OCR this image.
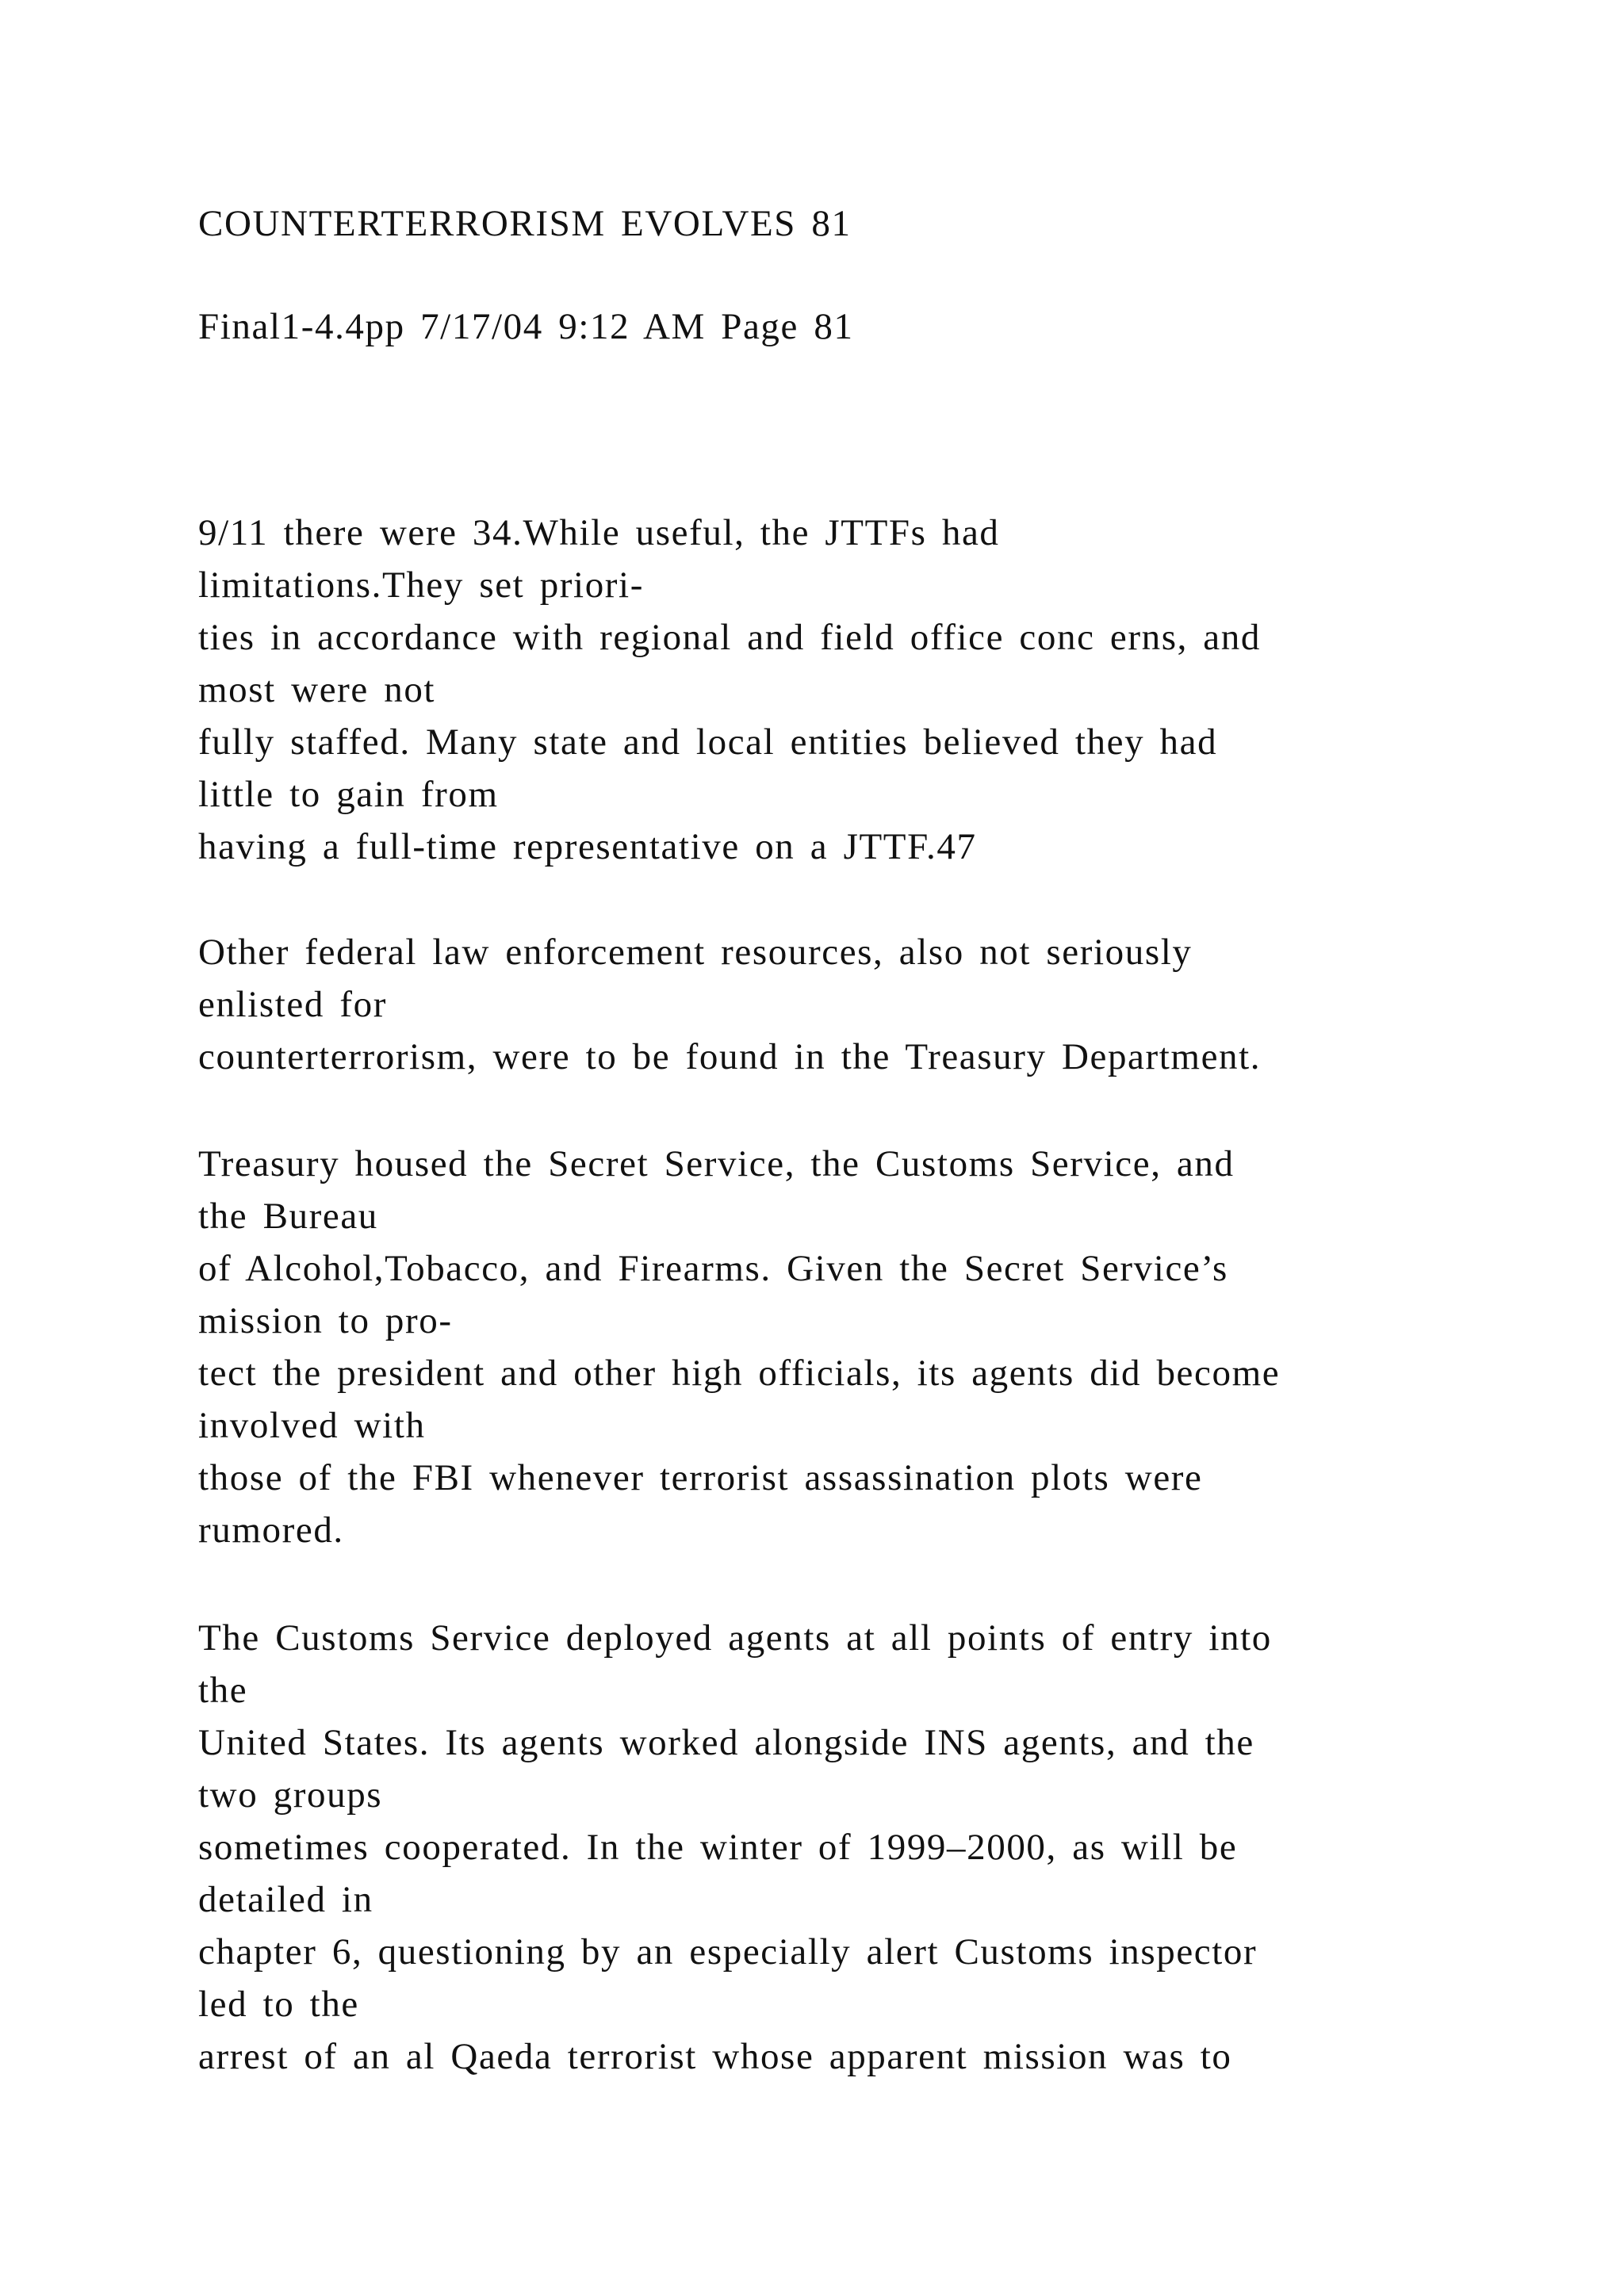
COUNTERTERRORISM EVOLVES 81
Final1-4.4pp 7/17/04 9:12 AM Page 81
9/11 there were 34.While useful, the JTTFs had
limitations.They set priori-
ties in accordance with regional and field office conc erns, and
most were not
fully staffed. Many state and local entities believed they had
little to gain from
having a full-time representative on a JTTF.47
Other federal law enforcement resources, also not seriously
enlisted for
counterterrorism, were to be found in the Treasury Department.
Treasury housed the Secret Service, the Customs Service, and
the Bureau
of Alcohol,Tobacco, and Firearms. Given the Secret Service’s
mission to pro-
tect the president and other high officials, its agents did become
involved with
those of the FBI whenever terrorist assassination plots were
rumored.
The Customs Service deployed agents at all points of entry into
the
United States. Its agents worked alongside INS agents, and the
two groups
sometimes cooperated. In the winter of 1999–2000, as will be
detailed in
chapter 6, questioning by an especially alert Customs inspector
led to the
arrest of an al Qaeda terrorist whose apparent mission was to
